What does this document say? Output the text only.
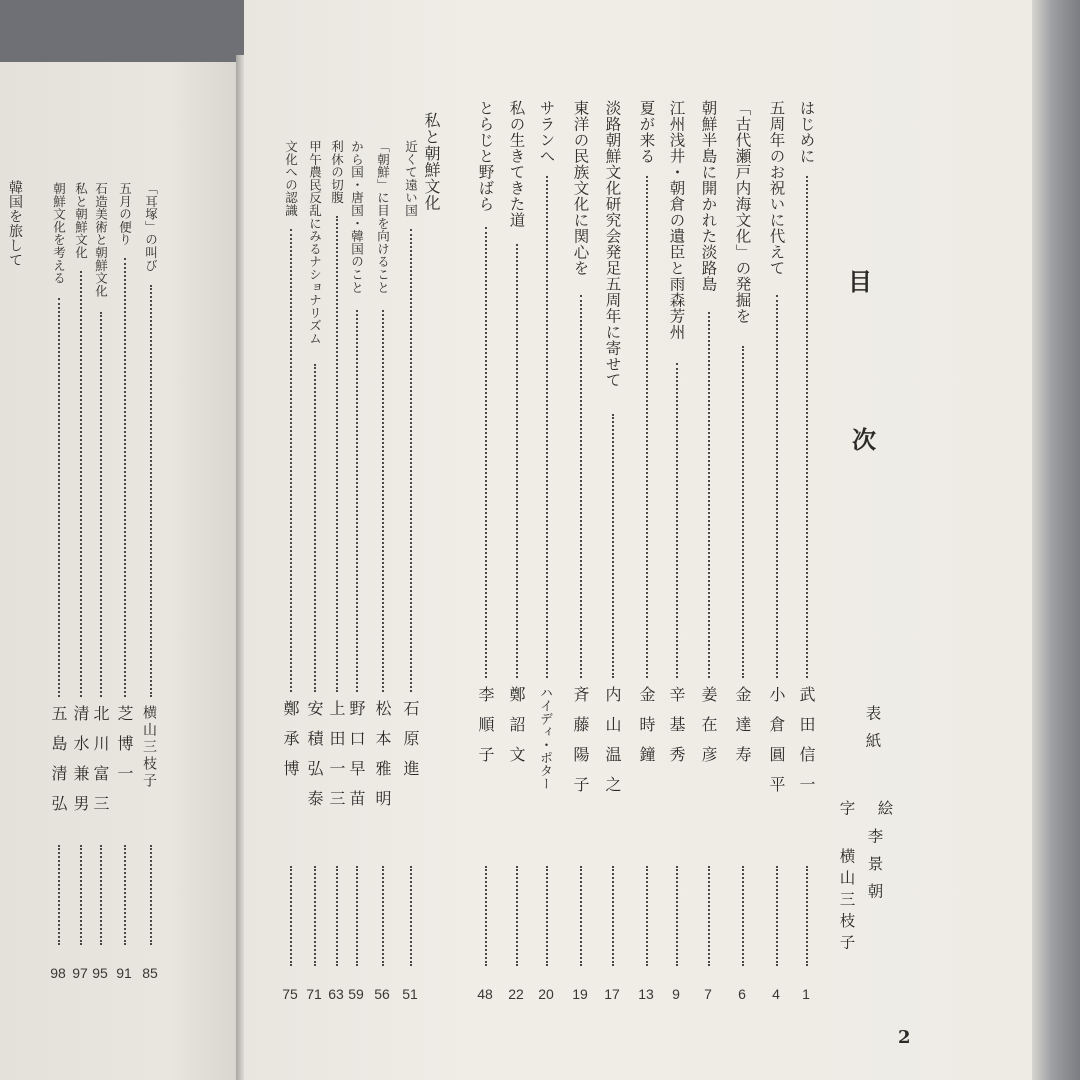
目
次
表紙
絵
李景朝
字
横山三枝子
はじめに
武田信一
1
五周年のお祝いに代えて
小倉圓平
4
「古代瀬戸内海文化」の発掘を
金達寿
6
朝鮮半島に開かれた淡路島
姜在彦
7
江州浅井・朝倉の遺臣と雨森芳州
辛基秀
9
夏が来る
金時鐘
13
淡路朝鮮文化研究会発足五周年に寄せて
内山温之
17
東洋の民族文化に関心を
斉藤陽子
19
サランへ
ハイディ・ポター
20
私の生きてきた道
鄭詔文
22
とらじと野ばら
李順子
48
私と朝鮮文化
近くて遠い国
石原進
51
「朝鮮」に目を向けること
松本雅明
56
から国・唐国・韓国のこと
野口早苗
59
利休の切腹
上田一三
63
甲午農民反乱にみるナショナリズム
安積弘泰
71
文化への認識
鄭承博
75
韓国を旅して	「耳塚」の叫び
横山三枝子
85
五月の便り
芝博一
91
石造美術と朝鮮文化
北川富三
95
私と朝鮮文化
清水兼男
97
朝鮮文化を考える
五島清弘
98
2
